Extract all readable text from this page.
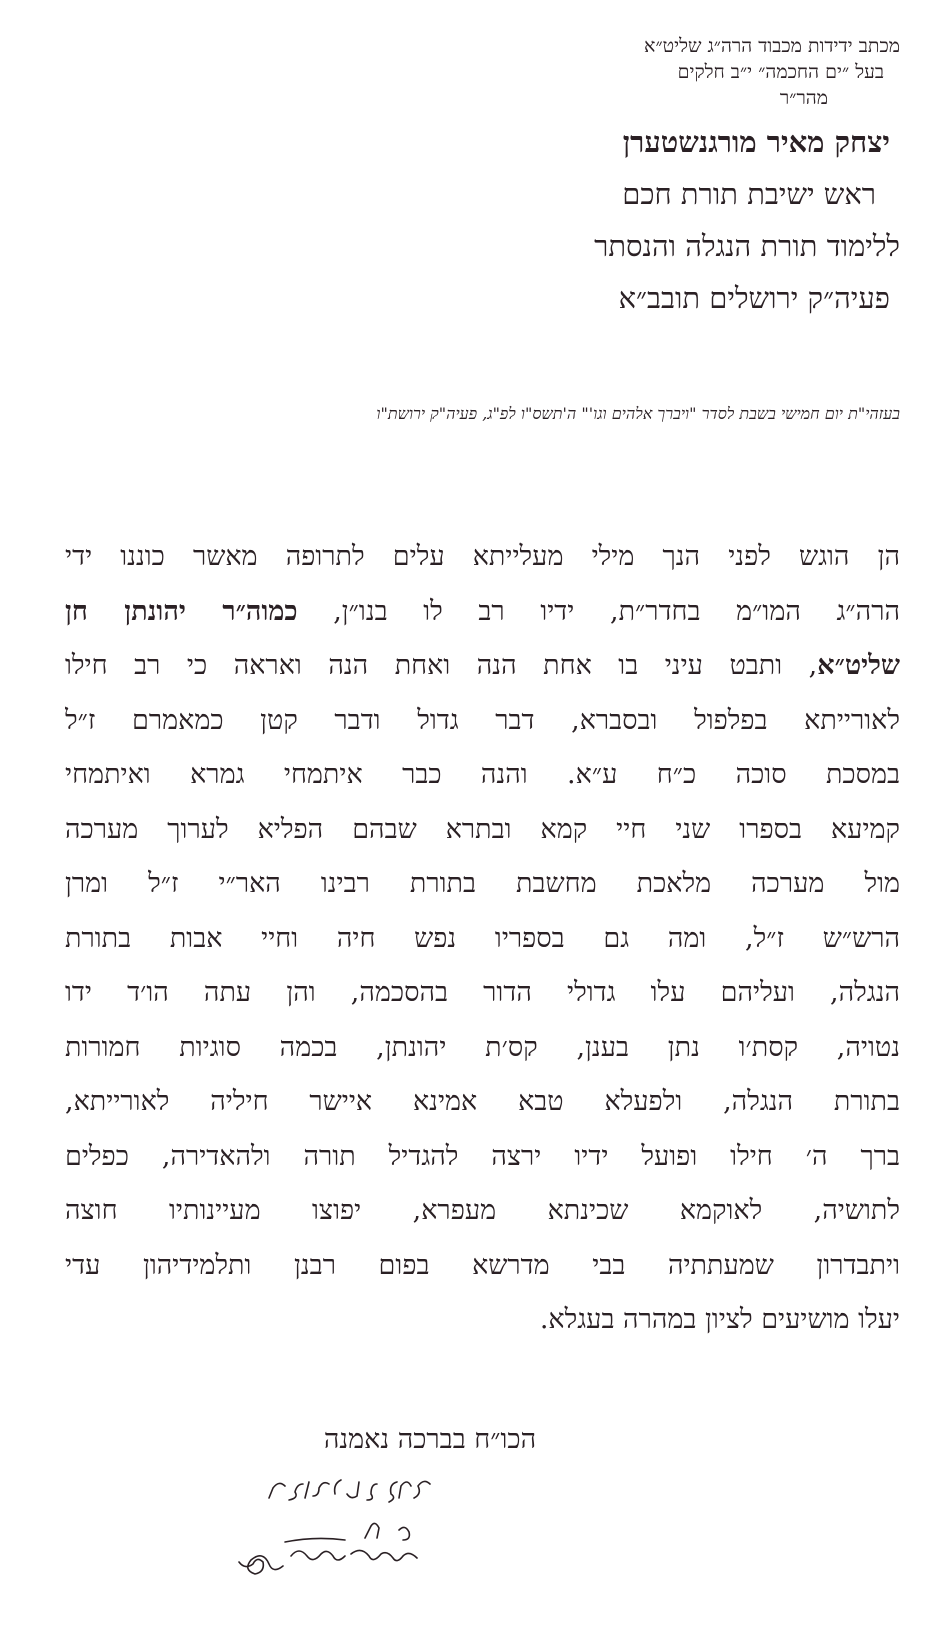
מכתב ידידות מכבוד הרה״ג שליט״א
בעל ״ים החכמה״ י״ב חלקים
מהר״ר
יצחק מאיר מורגנשטערן
ראש ישיבת תורת חכם
ללימוד תורת הנגלה והנסתר
פעיה״ק ירושלים תובב״א
בעזהי"ת יום חמישי בשבת לסדר "ויברך אלהים וגו'" ה'תשס"ו לפ"ג, פעיה"ק ירושת"ו
הן הוגש לפני הנך מילי מעלייתא עלים לתרופה מאשר כוננו ידי
הרה״ג המו״מ בחדר״ת, ידיו רב לו בנו״ן, כמוה״ר יהונתן חן
שליט״א, ותבט עיני בו אחת הנה ואחת הנה ואראה כי רב חילו
לאורייתא בפלפול ובסברא, דבר גדול ודבר קטן כמאמרם ז״ל
במסכת סוכה כ״ח ע״א. והנה כבר איתמחי גמרא ואיתמחי
קמיעא בספרו שני חיי קמא ובתרא שבהם הפליא לערוך מערכה
מול מערכה מלאכת מחשבת בתורת רבינו האר״י ז״ל ומרן
הרש״ש ז״ל, ומה גם בספריו נפש חיה וחיי אבות בתורת
הנגלה, ועליהם עלו גדולי הדור בהסכמה, והן עתה הו׳ד ידו
נטויה, קסת׳ו נתן בענן, קס׳ת יהונתן, בכמה סוגיות חמורות
בתורת הנגלה, ולפעלא טבא אמינא איישר חיליה לאורייתא,
ברך ה׳ חילו ופועל ידיו ירצה להגדיל תורה ולהאדירה, כפלים
לתושיה, לאוקמא שכינתא מעפרא, יפוצו מעיינותיו חוצה
ויתבדרון שמעתתיה בבי מדרשא בפום רבנן ותלמידיהון עדי
יעלו מושיעים לציון במהרה בעגלא.
הכו״ח בברכה נאמנה
